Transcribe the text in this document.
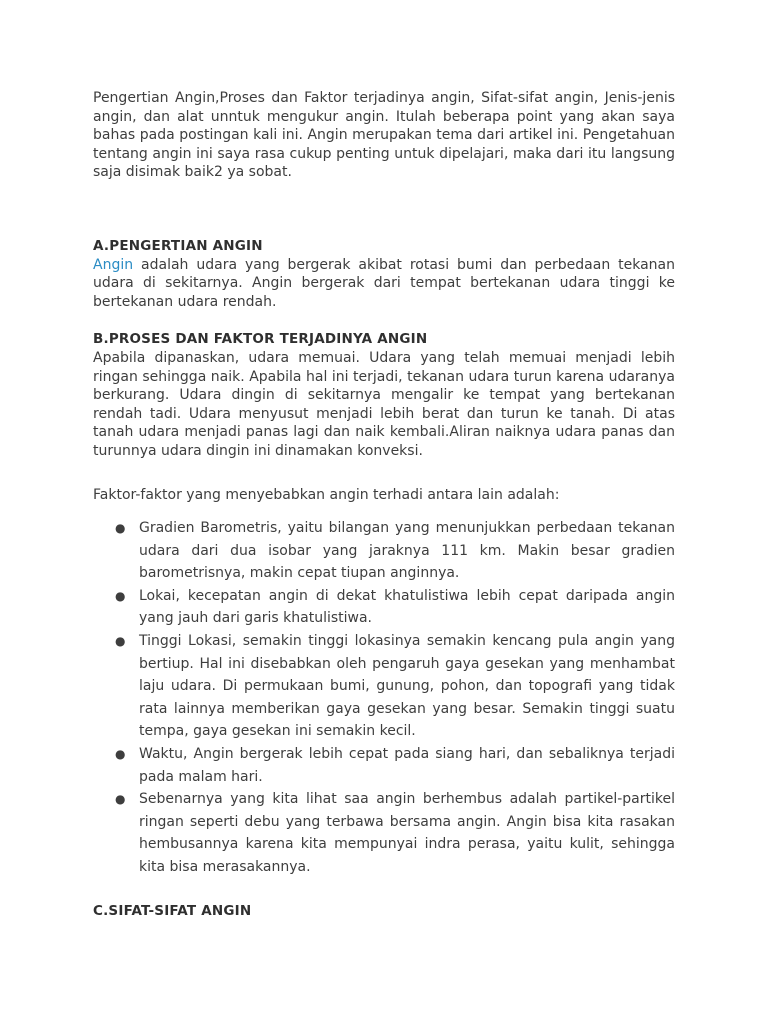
Pengertian Angin,Proses dan Faktor terjadinya angin, Sifat-sifat angin, Jenis-jenis angin, dan alat unntuk mengukur angin. Itulah beberapa point yang akan saya bahas pada postingan kali ini. Angin merupakan tema dari artikel ini. Pengetahuan tentang angin ini saya rasa cukup penting untuk dipelajari, maka dari itu langsung saja disimak baik2 ya sobat.

A.PENGERTIAN ANGIN

Angin adalah udara yang bergerak akibat rotasi bumi dan perbedaan tekanan udara di sekitarnya. Angin bergerak dari tempat bertekanan udara tinggi ke bertekanan udara rendah.

B.PROSES DAN FAKTOR TERJADINYA ANGIN

Apabila dipanaskan, udara memuai. Udara yang telah memuai menjadi lebih ringan sehingga naik. Apabila hal ini terjadi, tekanan udara turun karena udaranya berkurang. Udara dingin di sekitarnya mengalir ke tempat yang bertekanan rendah tadi. Udara menyusut menjadi lebih berat dan turun ke tanah. Di atas tanah udara menjadi panas lagi dan naik kembali.Aliran naiknya udara panas dan turunnya udara dingin ini dinamakan konveksi.

Faktor-faktor yang menyebabkan angin terhadi antara lain adalah:

● Gradien Barometris, yaitu bilangan yang menunjukkan perbedaan tekanan udara dari dua isobar yang jaraknya 111 km. Makin besar gradien barometrisnya, makin cepat tiupan anginnya.
● Lokai, kecepatan angin di dekat khatulistiwa lebih cepat daripada angin yang jauh dari garis khatulistiwa.
● Tinggi Lokasi, semakin tinggi lokasinya semakin kencang pula angin yang bertiup. Hal ini disebabkan oleh pengaruh gaya gesekan yang menhambat laju udara. Di permukaan bumi, gunung, pohon, dan topografi yang tidak rata lainnya memberikan gaya gesekan yang besar. Semakin tinggi suatu tempa, gaya gesekan ini semakin kecil.
● Waktu, Angin bergerak lebih cepat pada siang hari, dan sebaliknya terjadi pada malam hari.
● Sebenarnya yang kita lihat saa angin berhembus adalah partikel-partikel ringan seperti debu yang terbawa bersama angin. Angin bisa kita rasakan hembusannya karena kita mempunyai indra perasa, yaitu kulit, sehingga kita bisa merasakannya.
C.SIFAT-SIFAT ANGIN
